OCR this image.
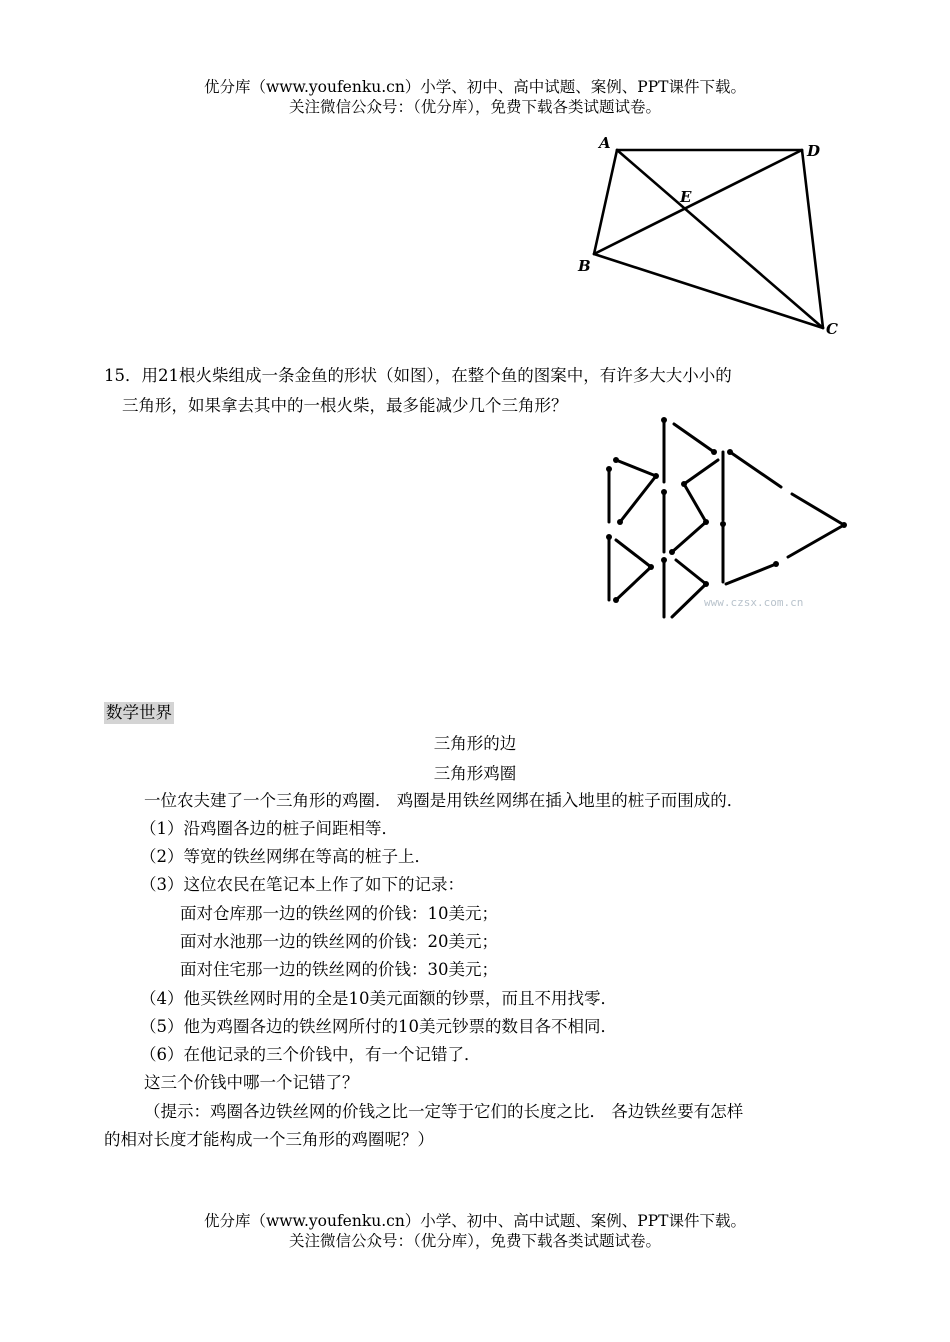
优分库（www.youfenku.cn）小学、初中、高中试题、案例、PPT课件下载。
关注微信公众号：（优分库），免费下载各类试题试卷。
A	D
E
B
C
15．用21根火柴组成一条金鱼的形状（如图），在整个鱼的图案中，有许多大大小小的
三角形，如果拿去其中的一根火柴，最多能减少几个三角形？
www.czsx.com.cn
数学世界
三角形的边
三角形鸡圈
一位农夫建了一个三角形的鸡圈． 鸡圈是用铁丝网绑在插入地里的桩子而围成的．
（1）沿鸡圈各边的桩子间距相等．
（2）等宽的铁丝网绑在等高的桩子上．
（3）这位农民在笔记本上作了如下的记录：
面对仓库那一边的铁丝网的价钱：10美元；
面对水池那一边的铁丝网的价钱：20美元；
面对住宅那一边的铁丝网的价钱：30美元；
（4）他买铁丝网时用的全是10美元面额的钞票，而且不用找零．
（5）他为鸡圈各边的铁丝网所付的10美元钞票的数目各不相同．
（6）在他记录的三个价钱中，有一个记错了．
这三个价钱中哪一个记错了？
（提示：鸡圈各边铁丝网的价钱之比一定等于它们的长度之比． 各边铁丝要有怎样
的相对长度才能构成一个三角形的鸡圈呢？）
优分库（www.youfenku.cn）小学、初中、高中试题、案例、PPT课件下载。
关注微信公众号：（优分库），免费下载各类试题试卷。
